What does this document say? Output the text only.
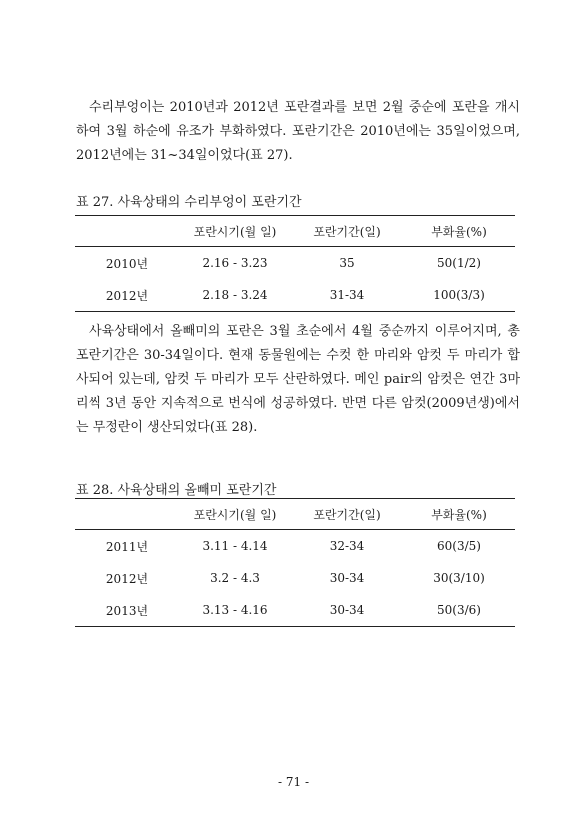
수리부엉이는 2010년과 2012년 포란결과를 보면 2월 중순에 포란을 개시하여 3월 하순에 유조가 부화하였다. 포란기간은 2010년에는 35일이었으며, 2012년에는 31~34일이었다(표 27).

표 27. 사육상태의 수리부엉이 포란기간

	포란시기(월 일)	포란기간(일)	부화율(%)
2010년	2.16 - 3.23	35	50(1/2)
2012년	2.18 - 3.24	31-34	100(3/3)

사육상태에서 올빼미의 포란은 3월 초순에서 4월 중순까지 이루어지며, 총 포란기간은 30-34일이다. 현재 동물원에는 수컷 한 마리와 암컷 두 마리가 합사되어 있는데, 암컷 두 마리가 모두 산란하였다. 메인 pair의 암컷은 연간 3마리씩 3년 동안 지속적으로 번식에 성공하였다. 반면 다른 암컷(2009년생)에서는 무정란이 생산되었다(표 28).

표 28. 사육상태의 올빼미 포란기간

	포란시기(월 일)	포란기간(일)	부화율(%)
2011년	3.11 - 4.14	32-34	60(3/5)
2012년	3.2 - 4.3	30-34	30(3/10)
2013년	3.13 - 4.16	30-34	50(3/6)
- 71 -
